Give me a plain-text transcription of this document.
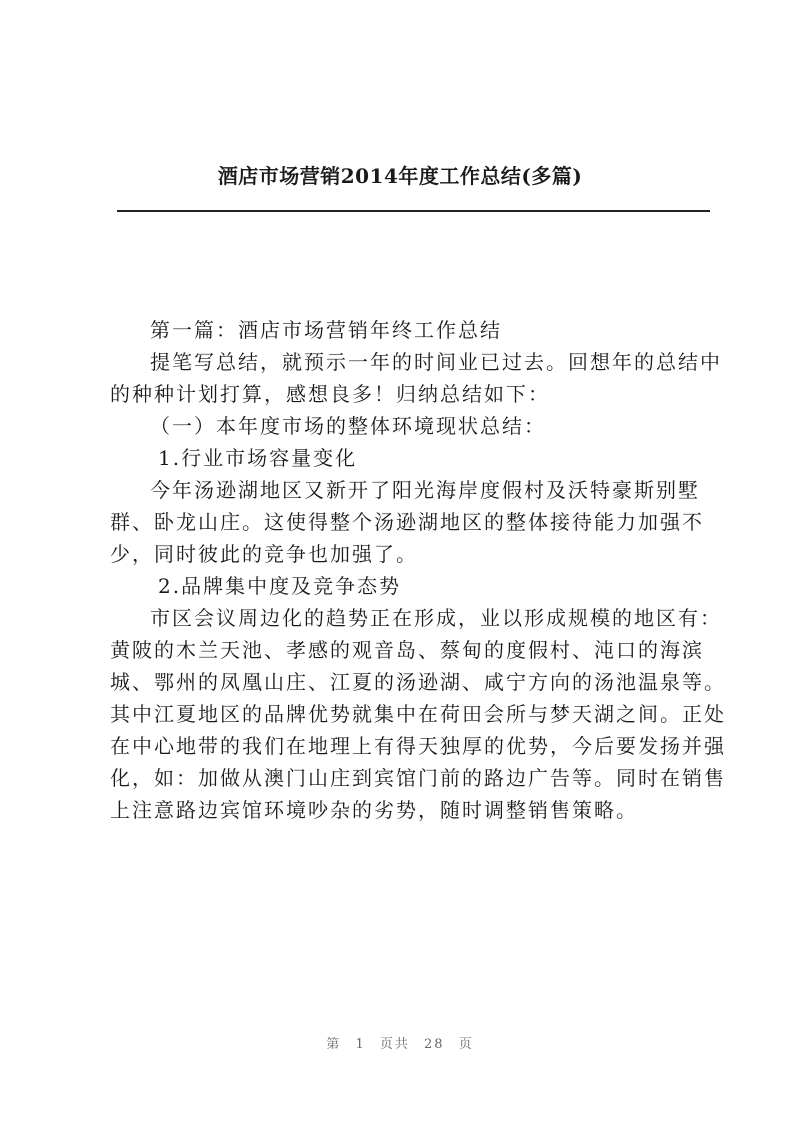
酒店市场营销2014年度工作总结(多篇)
第一篇：酒店市场营销年终工作总结
提笔写总结，就预示一年的时间业已过去。回想年的总结中
的种种计划打算，感想良多！归纳总结如下：
（一）本年度市场的整体环境现状总结：
1.行业市场容量变化
今年汤逊湖地区又新开了阳光海岸度假村及沃特豪斯别墅
群、卧龙山庄。这使得整个汤逊湖地区的整体接待能力加强不
少，同时彼此的竞争也加强了。
2.品牌集中度及竞争态势
市区会议周边化的趋势正在形成，业以形成规模的地区有：
黄陂的木兰天池、孝感的观音岛、蔡甸的度假村、沌口的海滨
城、鄂州的凤凰山庄、江夏的汤逊湖、咸宁方向的汤池温泉等。
其中江夏地区的品牌优势就集中在荷田会所与梦天湖之间。正处
在中心地带的我们在地理上有得天独厚的优势，今后要发扬并强
化，如：加做从澳门山庄到宾馆门前的路边广告等。同时在销售
上注意路边宾馆环境吵杂的劣势，随时调整销售策略。
第 1 页共 28 页
